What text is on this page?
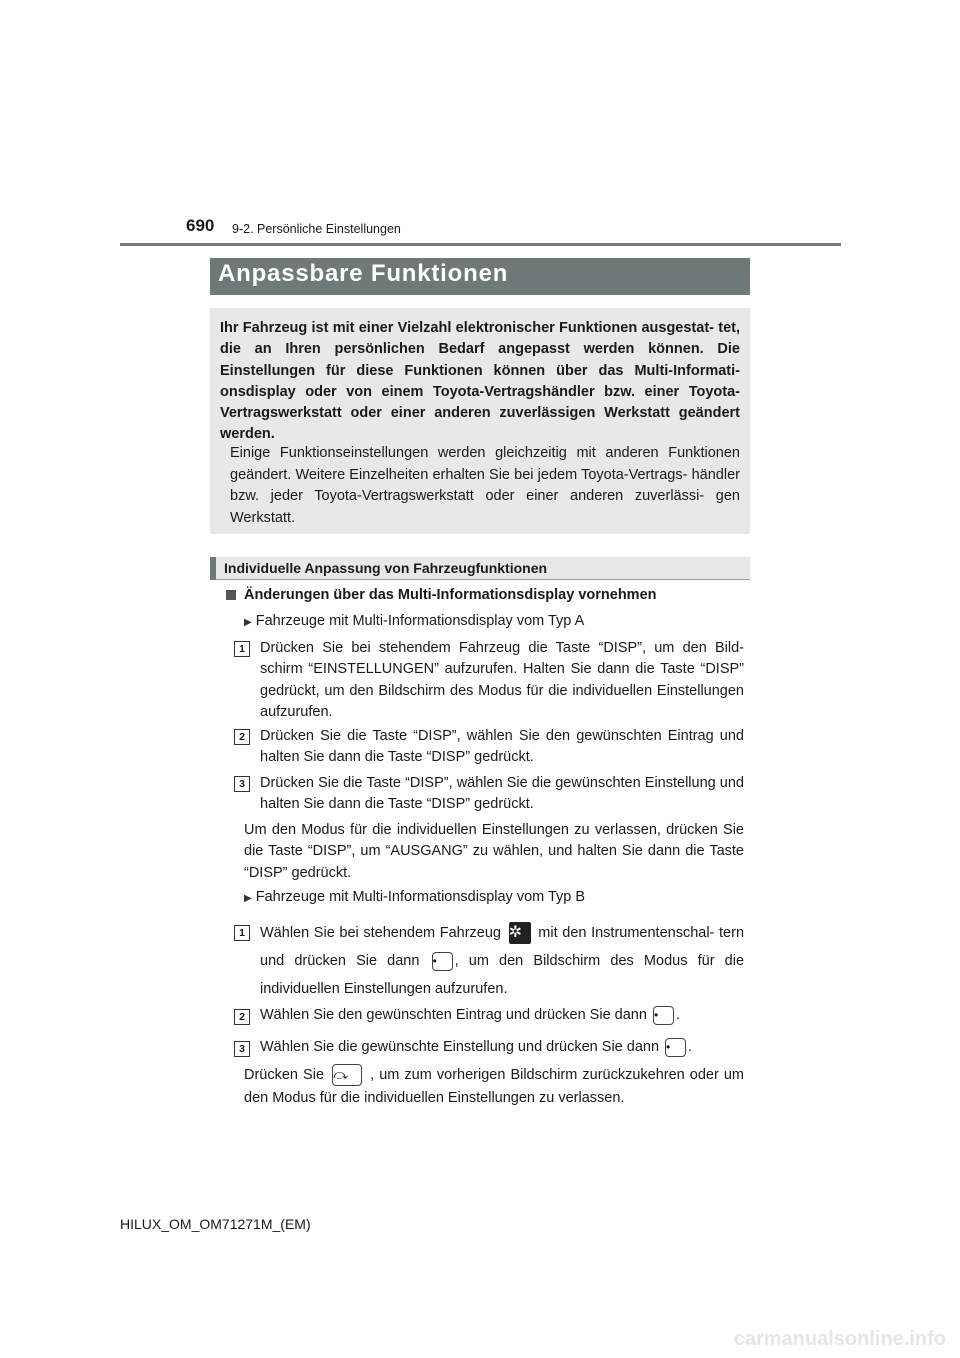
690 9-2. Persönliche Einstellungen
Anpassbare Funktionen
Ihr Fahrzeug ist mit einer Vielzahl elektronischer Funktionen ausgestat- tet, die an Ihren persönlichen Bedarf angepasst werden können. Die Einstellungen für diese Funktionen können über das Multi-Informati- onsdisplay oder von einem Toyota-Vertragshändler bzw. einer Toyota- Vertragswerkstatt oder einer anderen zuverlässigen Werkstatt geändert werden.
Einige Funktionseinstellungen werden gleichzeitig mit anderen Funktionen geändert. Weitere Einzelheiten erhalten Sie bei jedem Toyota-Vertrags- händler bzw. jeder Toyota-Vertragswerkstatt oder einer anderen zuverlässi- gen Werkstatt.
Individuelle Anpassung von Fahrzeugfunktionen
Änderungen über das Multi-Informationsdisplay vornehmen
▶ Fahrzeuge mit Multi-Informationsdisplay vom Typ A
1	Drücken Sie bei stehendem Fahrzeug die Taste “DISP”, um den Bild- schirm “EINSTELLUNGEN” aufzurufen. Halten Sie dann die Taste “DISP” gedrückt, um den Bildschirm des Modus für die individuellen Einstellungen aufzurufen.
2	Drücken Sie die Taste “DISP”, wählen Sie den gewünschten Eintrag und halten Sie dann die Taste “DISP” gedrückt.
3	Drücken Sie die Taste “DISP”, wählen Sie die gewünschten Einstellung und halten Sie dann die Taste “DISP” gedrückt.
Um den Modus für die individuellen Einstellungen zu verlassen, drücken Sie die Taste “DISP”, um “AUSGANG” zu wählen, und halten Sie dann die Taste “DISP” gedrückt.
▶ Fahrzeuge mit Multi-Informationsdisplay vom Typ B
1	Wählen Sie bei stehendem Fahrzeug ✲ mit den Instrumentenschal- tern und drücken Sie dann • , um den Bildschirm des Modus für die individuellen Einstellungen aufzurufen.
2	Wählen Sie den gewünschten Eintrag und drücken Sie dann • .
3	Wählen Sie die gewünschte Einstellung und drücken Sie dann • .
Drücken Sie ⤼ , um zum vorherigen Bildschirm zurückzukehren oder um den Modus für die individuellen Einstellungen zu verlassen.
HILUX_OM_OM71271M_(EM)
carmanualsonline.info
